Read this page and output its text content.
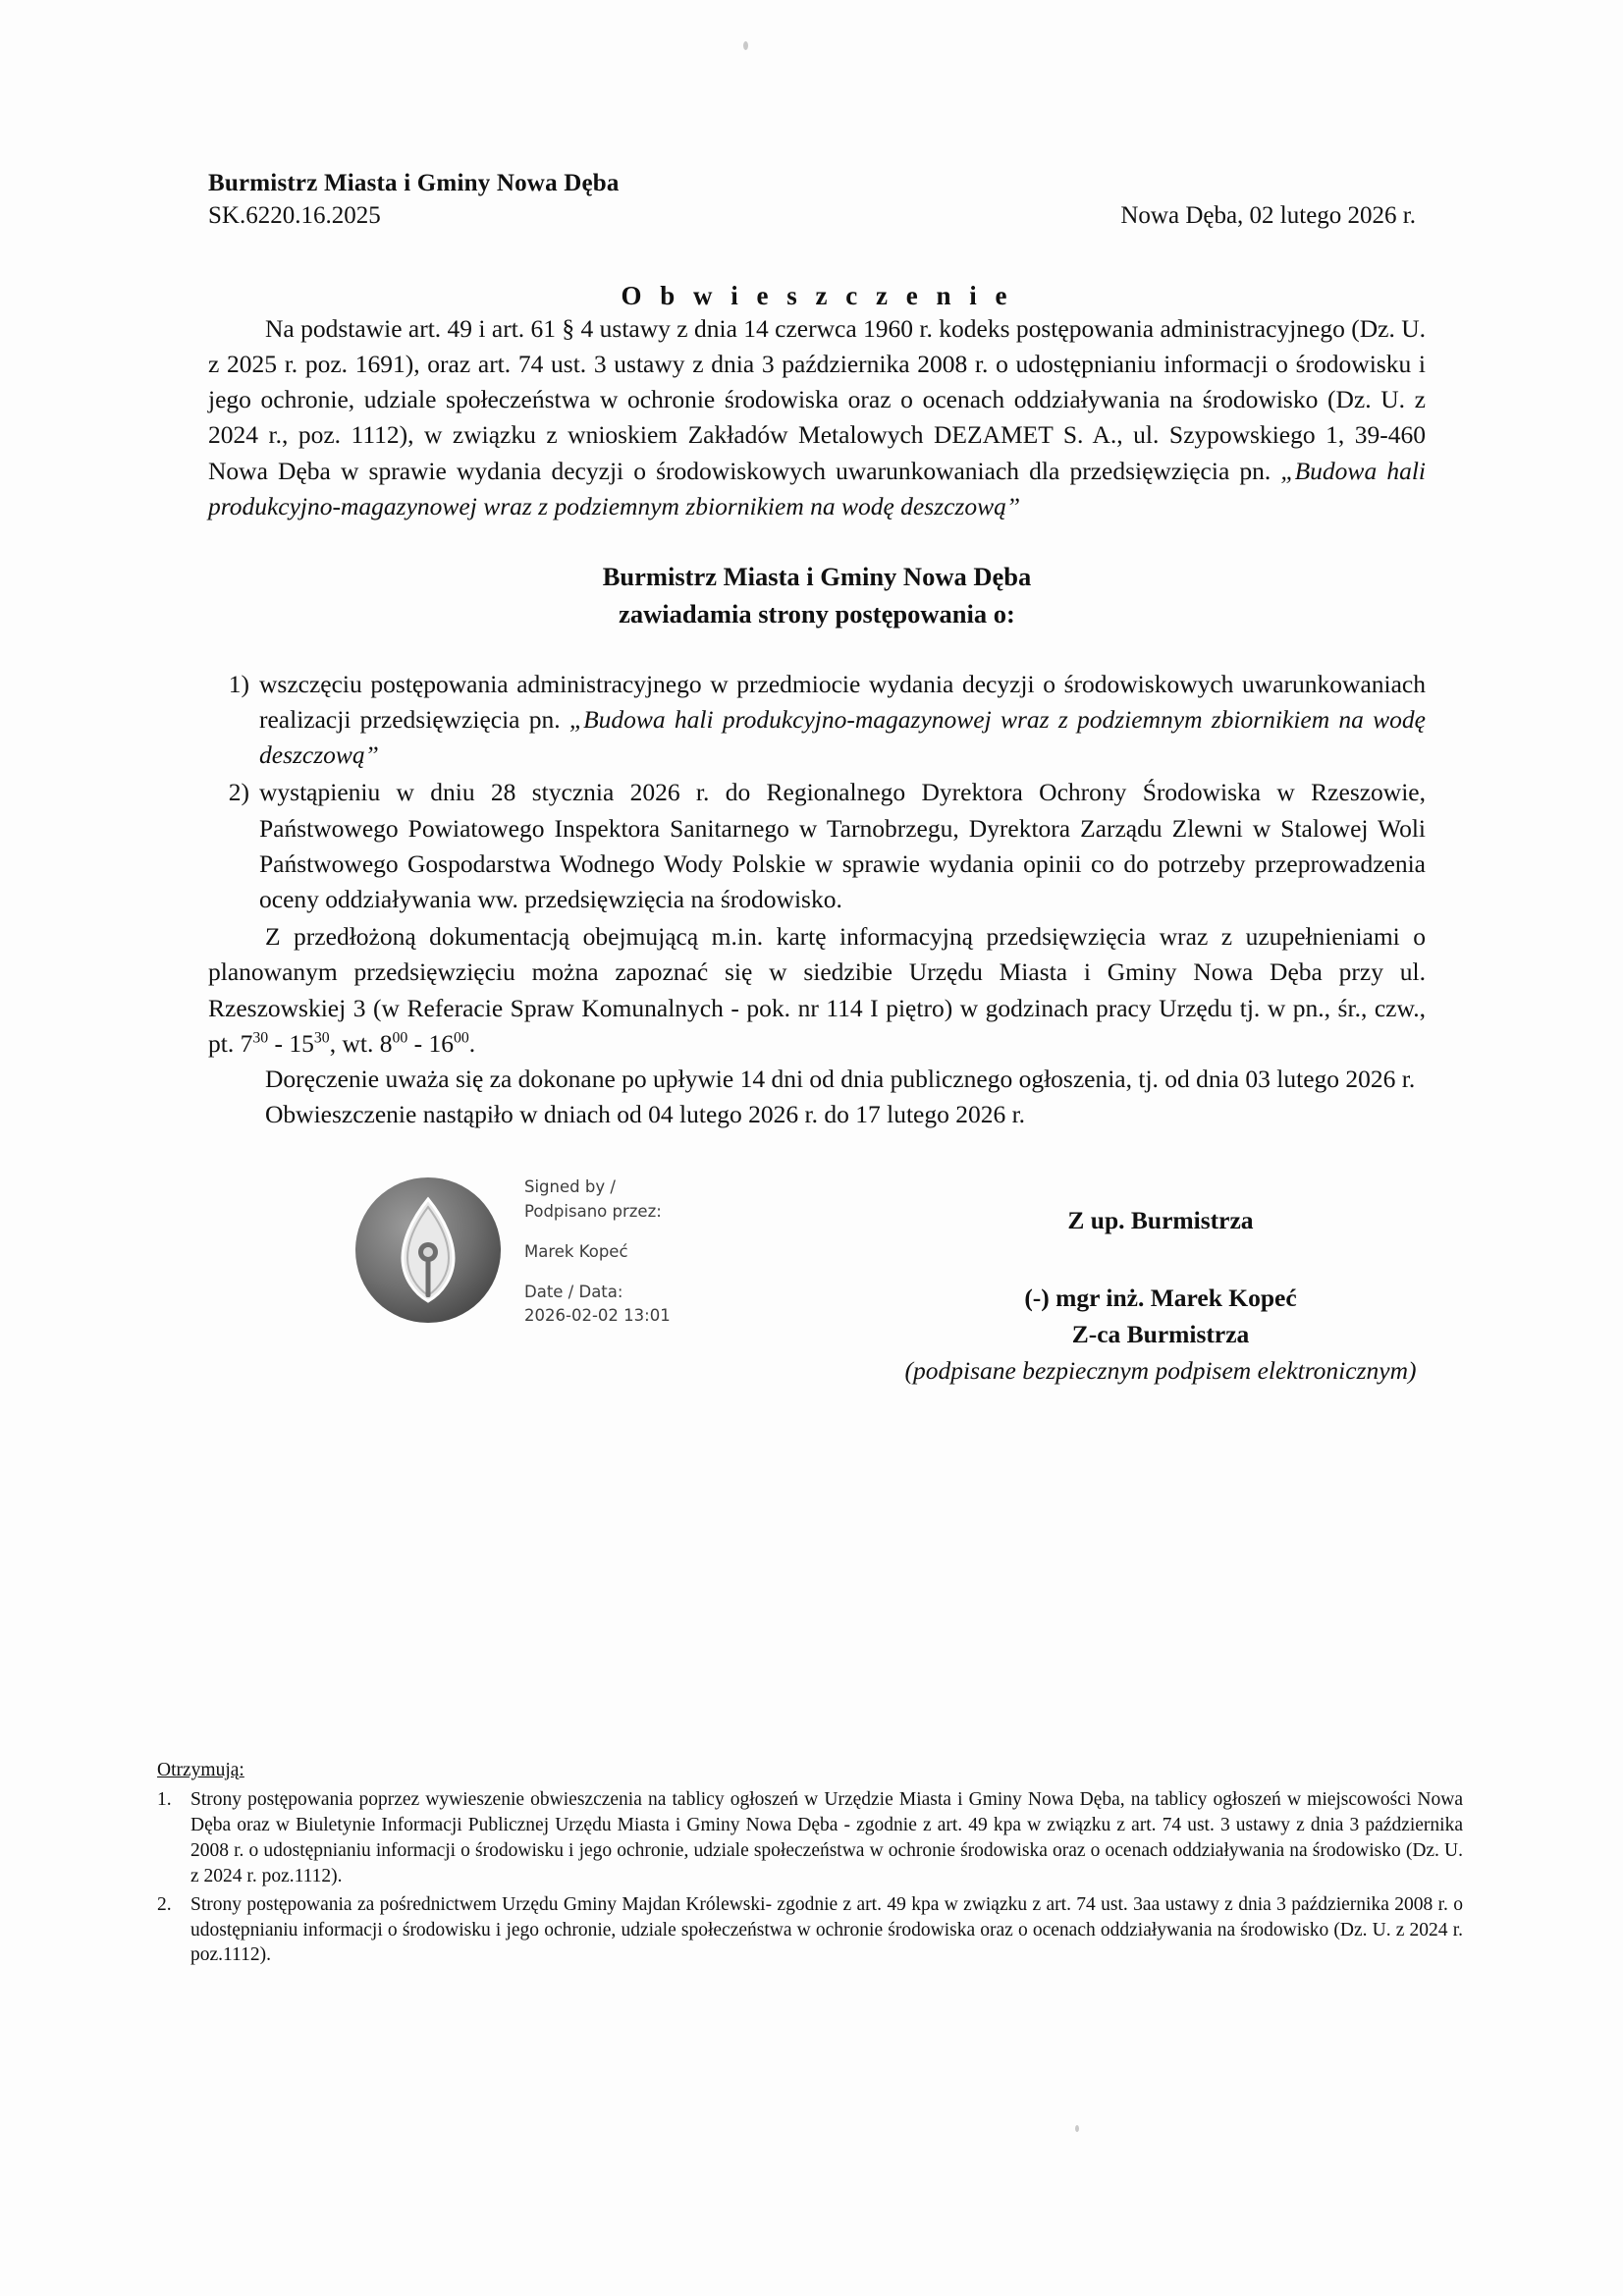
Burmistrz Miasta i Gminy Nowa Dęba
SK.6220.16.2025	Nowa Dęba, 02 lutego 2026 r.
O b w i e s z c z e n i e

Na podstawie art. 49 i art. 61 § 4 ustawy z dnia 14 czerwca 1960 r. kodeks postępowania administracyjnego (Dz. U. z 2025 r. poz. 1691), oraz art. 74 ust. 3 ustawy z dnia 3 października 2008 r. o udostępnianiu informacji o środowisku i jego ochronie, udziale społeczeństwa w ochronie środowiska oraz o ocenach oddziaływania na środowisko (Dz. U. z 2024 r., poz. 1112), w związku z wnioskiem Zakładów Metalowych DEZAMET S. A., ul. Szypowskiego 1, 39-460 Nowa Dęba w sprawie wydania decyzji o środowiskowych uwarunkowaniach dla przedsięwzięcia pn. „Budowa hali produkcyjno-magazynowej wraz z podziemnym zbiornikiem na wodę deszczową”

Burmistrz Miasta i Gminy Nowa Dęba
zawiadamia strony postępowania o:
1) wszczęciu postępowania administracyjnego w przedmiocie wydania decyzji o środowiskowych uwarunkowaniach realizacji przedsięwzięcia pn. „Budowa hali produkcyjno-magazynowej wraz z podziemnym zbiornikiem na wodę deszczową”
2) wystąpieniu w dniu 28 stycznia 2026 r. do Regionalnego Dyrektora Ochrony Środowiska w Rzeszowie, Państwowego Powiatowego Inspektora Sanitarnego w Tarnobrzegu, Dyrektora Zarządu Zlewni w Stalowej Woli Państwowego Gospodarstwa Wodnego Wody Polskie w sprawie wydania opinii co do potrzeby przeprowadzenia oceny oddziaływania ww. przedsięwzięcia na środowisko.

Z przedłożoną dokumentacją obejmującą m.in. kartę informacyjną przedsięwzięcia wraz z uzupełnieniami o planowanym przedsięwzięciu można zapoznać się w siedzibie Urzędu Miasta i Gminy Nowa Dęba przy ul. Rzeszowskiej 3 (w Referacie Spraw Komunalnych - pok. nr 114 I piętro) w godzinach pracy Urzędu tj. w pn., śr., czw., pt. $7^{30} - 15^{30}$, wt. $8^{00} - 16^{00}$.

Doręczenie uważa się za dokonane po upływie 14 dni od dnia publicznego ogłoszenia, tj. od dnia 03 lutego 2026 r.

Obwieszczenie nastąpiło w dniach od 04 lutego 2026 r. do 17 lutego 2026 r.

Signed by /
Podpisano przez:
Marek Kopeć
Date / Data:
2026-02-02 13:01
Z up. Burmistrza
(-) mgr inż. Marek Kopeć
Z-ca Burmistrza
(podpisane bezpiecznym podpisem elektronicznym)
Otrzymują:
1. Strony postępowania poprzez wywieszenie obwieszczenia na tablicy ogłoszeń w Urzędzie Miasta i Gminy Nowa Dęba, na tablicy ogłoszeń w miejscowości Nowa Dęba oraz w Biuletynie Informacji Publicznej Urzędu Miasta i Gminy Nowa Dęba - zgodnie z art. 49 kpa w związku z art. 74 ust. 3 ustawy z dnia 3 października 2008 r. o udostępnianiu informacji o środowisku i jego ochronie, udziale społeczeństwa w ochronie środowiska oraz o ocenach oddziaływania na środowisko (Dz. U. z 2024 r. poz.1112).
2. Strony postępowania za pośrednictwem Urzędu Gminy Majdan Królewski- zgodnie z art. 49 kpa w związku z art. 74 ust. 3aa ustawy z dnia 3 października 2008 r. o udostępnianiu informacji o środowisku i jego ochronie, udziale społeczeństwa w ochronie środowiska oraz o ocenach oddziaływania na środowisko (Dz. U. z 2024 r. poz.1112).
